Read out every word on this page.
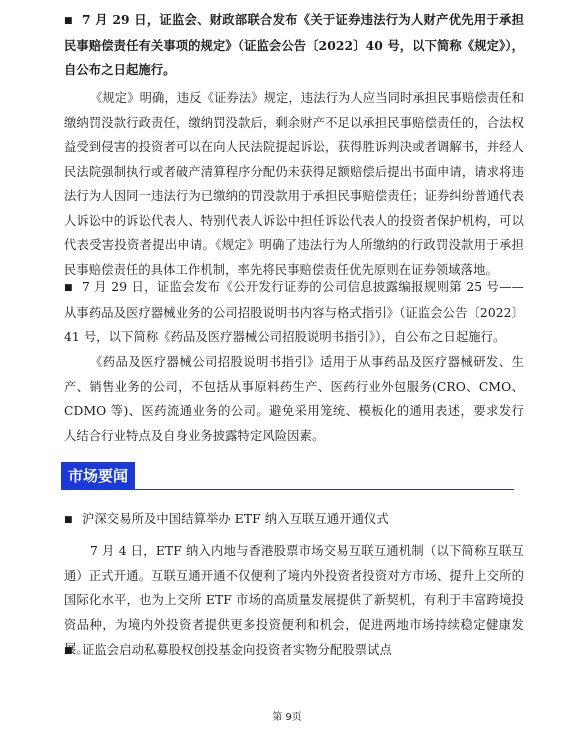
■ 7 月 29 日，证监会、财政部联合发布《关于证券违法行为人财产优先用于承担民事赔偿责任有关事项的规定》（证监会公告〔2022〕40 号，以下简称《规定》），自公布之日起施行。

《规定》明确，违反《证券法》规定，违法行为人应当同时承担民事赔偿责任和缴纳罚没款行政责任，缴纳罚没款后，剩余财产不足以承担民事赔偿责任的，合法权益受到侵害的投资者可以在向人民法院提起诉讼，获得胜诉判决或者调解书，并经人民法院强制执行或者破产清算程序分配仍未获得足额赔偿后提出书面申请，请求将违法行为人因同一违法行为已缴纳的罚没款用于承担民事赔偿责任；证券纠纷普通代表人诉讼中的诉讼代表人、特别代表人诉讼中担任诉讼代表人的投资者保护机构，可以代表受害投资者提出申请。《规定》明确了违法行为人所缴纳的行政罚没款用于承担民事赔偿责任的具体工作机制，率先将民事赔偿责任优先原则在证券领域落地。

■ 7 月 29 日，证监会发布《公开发行证券的公司信息披露编报规则第 25 号——从事药品及医疗器械业务的公司招股说明书内容与格式指引》（证监会公告〔2022〕41 号，以下简称《药品及医疗器械公司招股说明书指引》），自公布之日起施行。

《药品及医疗器械公司招股说明书指引》适用于从事药品及医疗器械研发、生产、销售业务的公司，不包括从事原料药生产、医药行业外包服务(CRO、CMO、CDMO 等)、医药流通业务的公司。避免采用笼统、模板化的通用表述，要求发行人结合行业特点及自身业务披露特定风险因素。

市场要闻

■ 沪深交易所及中国结算举办 ETF 纳入互联互通开通仪式

7 月 4 日，ETF 纳入内地与香港股票市场交易互联互通机制（以下简称互联互通）正式开通。互联互通开通不仅便利了境内外投资者投资对方市场、提升上交所的国际化水平，也为上交所 ETF 市场的高质量发展提供了新契机，有利于丰富跨境投资品种，为境内外投资者提供更多投资便利和机会，促进两地市场持续稳定健康发展。

■ 证监会启动私募股权创投基金向投资者实物分配股票试点

第 9页
